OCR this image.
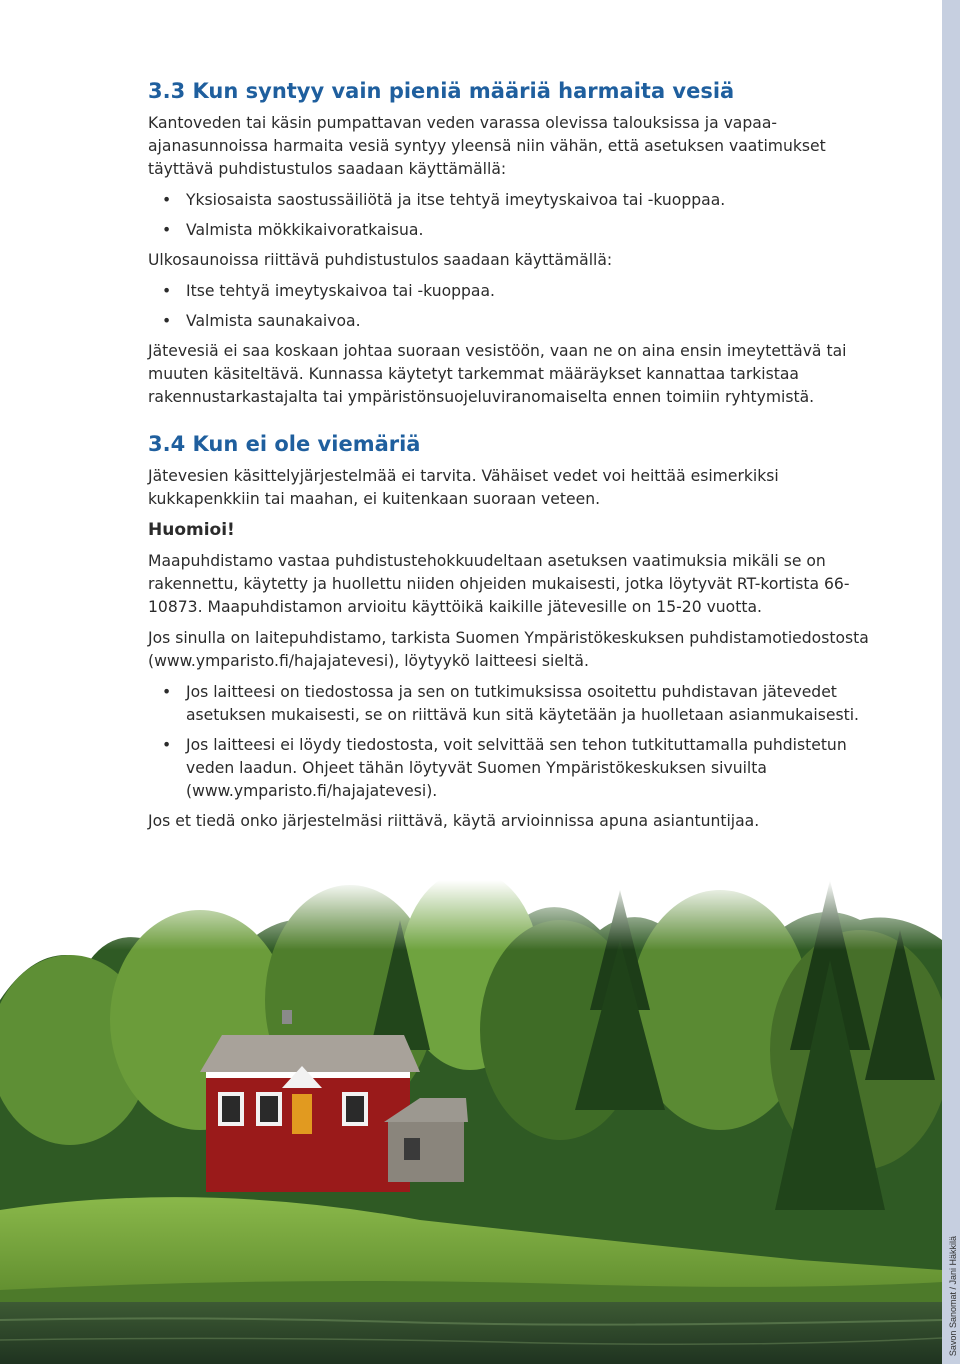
Savon Sanomat / Jani Häkkilä
3.3 Kun syntyy vain pieniä määriä harmaita vesiä

Kantoveden tai käsin pumpattavan veden varassa olevissa talouksissa ja vapaa-ajanasunnoissa harmaita vesiä syntyy yleensä niin vähän, että asetuksen vaatimukset täyttävä puhdistustulos saadaan käyttämällä:

• Yksiosaista saostussäiliötä ja itse tehtyä imeytyskaivoa tai -kuoppaa.
• Valmista mökkikaivoratkaisua.

Ulkosaunoissa riittävä puhdistustulos saadaan käyttämällä:

• Itse tehtyä imeytyskaivoa tai -kuoppaa.
• Valmista saunakaivoa.

Jätevesiä ei saa koskaan johtaa suoraan vesistöön, vaan ne on aina ensin imeytettävä tai muuten käsiteltävä. Kunnassa käytetyt tarkemmat määräykset kannattaa tarkistaa rakennustarkastajalta tai ympäristönsuojeluviranomaiselta ennen toimiin ryhtymistä.

3.4 Kun ei ole viemäriä

Jätevesien käsittelyjärjestelmää ei tarvita. Vähäiset vedet voi heittää esimerkiksi kukkapenkkiin tai maahan, ei kuitenkaan suoraan veteen.

Huomioi!

Maapuhdistamo vastaa puhdistustehokkuudeltaan asetuksen vaatimuksia mikäli se on rakennettu, käytetty ja huollettu niiden ohjeiden mukaisesti, jotka löytyvät RT-kortista 66-10873. Maapuhdistamon arvioitu käyttöikä kaikille jätevesille on 15-20 vuotta.

Jos sinulla on laitepuhdistamo, tarkista Suomen Ympäristökeskuksen puhdistamotiedostosta (www.ymparisto.fi/hajajatevesi), löytyykö laitteesi sieltä.

• Jos laitteesi on tiedostossa ja sen on tutkimuksissa osoitettu puhdistavan jätevedet asetuksen mukaisesti, se on riittävä kun sitä käytetään ja huolletaan asianmukaisesti.
• Jos laitteesi ei löydy tiedostosta, voit selvittää sen tehon tutkituttamalla puhdistetun veden laadun. Ohjeet tähän löytyvät Suomen Ympäristökeskuksen sivuilta (www.ymparisto.fi/hajajatevesi).

Jos et tiedä onko järjestelmäsi riittävä, käytä arvioinnissa apuna asiantuntijaa.
